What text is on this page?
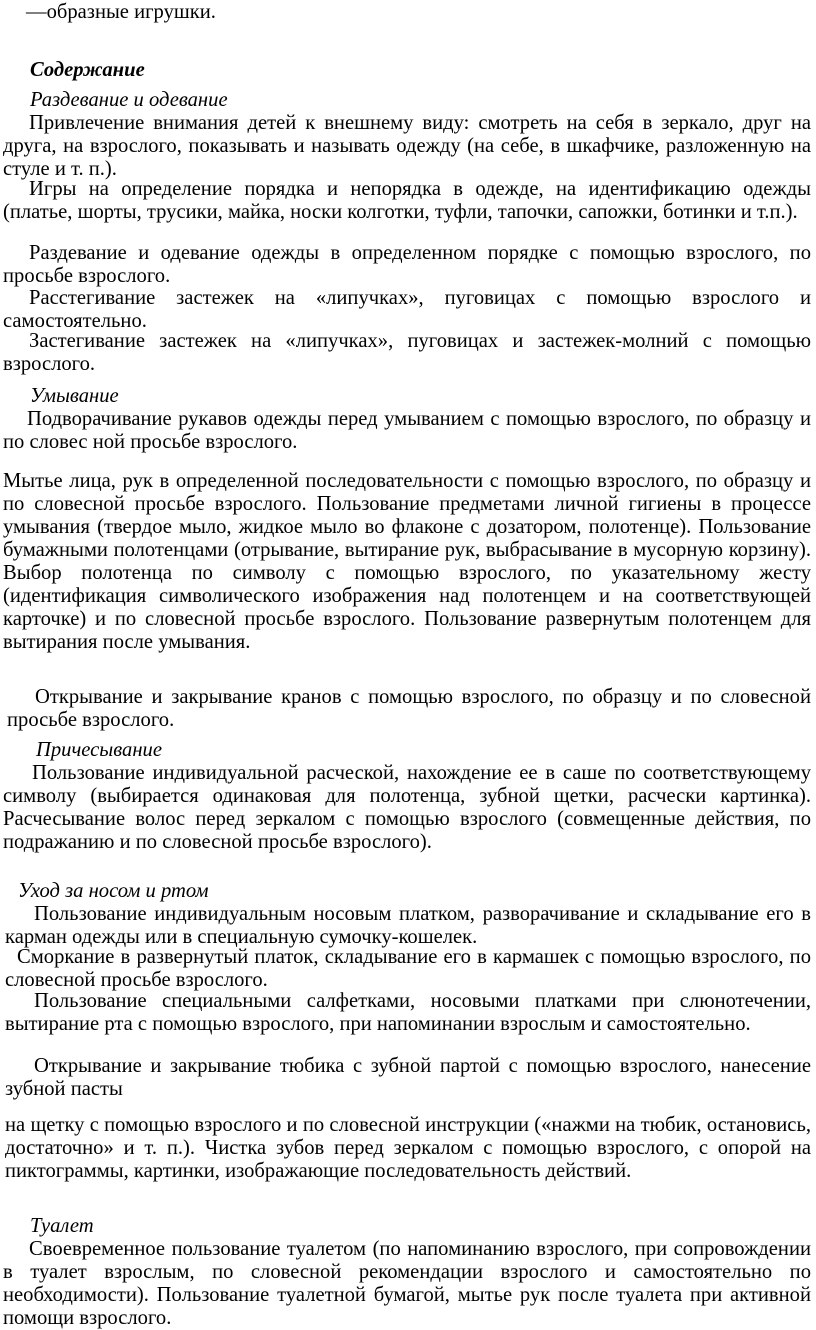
—образные игрушки.

Содержание

Раздевание и одевание

Привлечение внимания детей к внешнему виду: смотреть на себя в зеркало, друг на друга, на взрослого, показывать и называть одежду (на себе, в шкафчике, разложенную на стуле и т. п.).

Игры на определение порядка и непорядка в одежде, на идентификацию одежды (платье, шорты, трусики, майка, носки колготки, туфли, тапочки, сапожки, ботинки и т.п.).

Раздевание и одевание одежды в определенном порядке с помощью взрослого, по просьбе взрослого.

Расстегивание застежек на «липучках», пуговицах с помощью взрослого и самостоятельно.

Застегивание застежек на «липучках», пуговицах и застежек-молний с помощью взрослого.

Умывание

Подворачивание рукавов одежды перед умыванием с помощью взрослого, по образцу и по словес ной просьбе взрослого.

Мытье лица, рук в определенной последовательности с помощью взрослого, по образцу и по словесной просьбе взрослого. Пользование предметами личной гигиены в процессе умывания (твердое мыло, жидкое мыло во флаконе с дозатором, полотенце). Пользование бумажными полотенцами (отрывание, вытирание рук, выбрасывание в мусорную корзину). Выбор полотенца по символу с помощью взрослого, по указательному жесту (идентификация символического изображения над полотенцем и на соответствующей карточке) и по словесной просьбе взрослого. Пользование развернутым полотенцем для вытирания после умывания.

Открывание и закрывание кранов с помощью взрослого, по образцу и по словесной просьбе взрослого.

Причесывание

Пользование индивидуальной расческой, нахождение ее в саше по соответствующему символу (выбирается одинаковая для полотенца, зубной щетки, расчески картинка). Расчесывание волос перед зеркалом с помощью взрослого (совмещенные действия, по подражанию и по словесной просьбе взрослого).

Уход за носом и ртом

Пользование индивидуальным носовым платком, разворачивание и складывание его в карман одежды или в специальную сумочку-кошелек.

Сморкание в развернутый платок, складывание его в кармашек с помощью взрослого, по словесной просьбе взрослого.

Пользование специальными салфетками, носовыми платками при слюнотечении, вытирание рта с помощью взрослого, при напоминании взрослым и самостоятельно.

Открывание и закрывание тюбика с зубной партой с помощью взрослого, нанесение зубной пасты

на щетку с помощью взрослого и по словесной инструкции («нажми на тюбик, остановись, достаточно» и т. п.). Чистка зубов перед зеркалом с помощью взрослого, с опорой на пиктограммы, картинки, изображающие последовательность действий.

Туалет

Своевременное пользование туалетом (по напоминанию взрослого, при сопровождении в туалет взрослым, по словесной рекомендации взрослого и самостоятельно по необходимости). Пользование туалетной бумагой, мытье рук после туалета при активной помощи взрослого.
